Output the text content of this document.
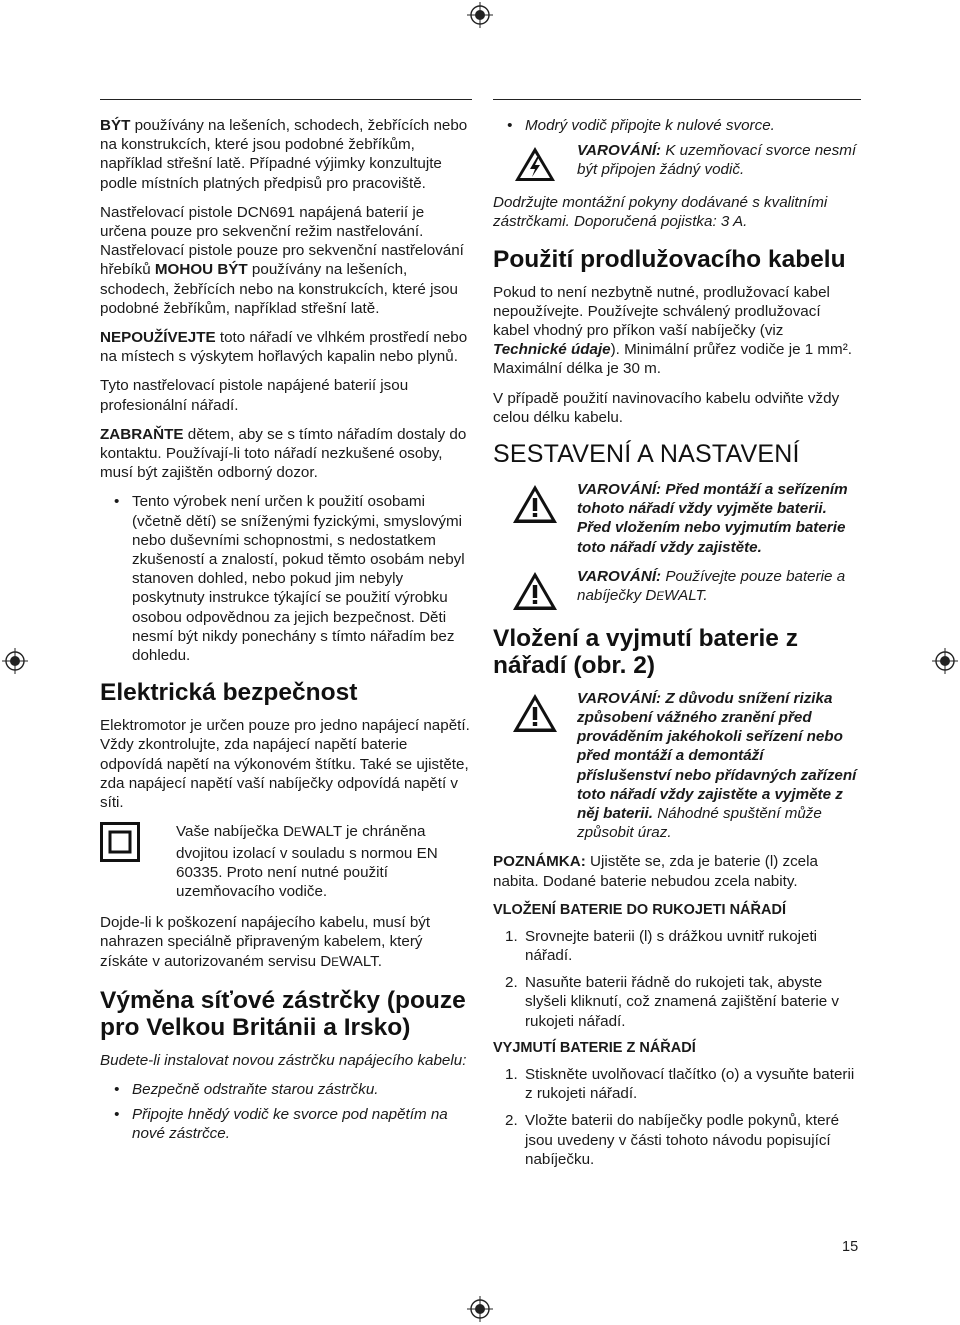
BÝT používány na lešeních, schodech, žebřících nebo na konstrukcích, které jsou podobné žebříkům, například střešní latě. Případné výjimky konzultujte podle místních platných předpisů pro pracoviště.

Nastřelovací pistole DCN691 napájená baterií je určena pouze pro sekvenční režim nastřelování. Nastřelovací pistole pouze pro sekvenční nastřelování hřebíků MOHOU BÝT používány na lešeních, schodech, žebřících nebo na konstrukcích, které jsou podobné žebříkům, například střešní latě.

NEPOUŽÍVEJTE toto nářadí ve vlhkém prostředí nebo na místech s výskytem hořlavých kapalin nebo plynů.

Tyto nastřelovací pistole napájené baterií jsou profesionální nářadí.

ZABRAŇTE dětem, aby se s tímto nářadím dostaly do kontaktu. Používají-li toto nářadí nezkušené osoby, musí být zajištěn odborný dozor.

• Tento výrobek není určen k použití osobami (včetně dětí) se sníženými fyzickými, smyslovými nebo duševními schopnostmi, s nedostatkem zkušeností a znalostí, pokud těmto osobám nebyl stanoven dohled, nebo pokud jim nebyly poskytnuty instrukce týkající se použití výrobku osobou odpovědnou za jejich bezpečnost. Děti nesmí být nikdy ponechány s tímto nářadím bez dohledu.
Elektrická bezpečnost

Elektromotor je určen pouze pro jedno napájecí napětí. Vždy zkontrolujte, zda napájecí napětí baterie odpovídá napětí na výkonovém štítku. Také se ujistěte, zda napájecí napětí vaší nabíječky odpovídá napětí v síti.

Vaše nabíječka DEWALT je chráněna dvojitou izolací v souladu s normou EN 60335. Proto není nutné použití uzemňovacího vodiče.

Dojde-li k poškození napájecího kabelu, musí být nahrazen speciálně připraveným kabelem, který získáte v autorizovaném servisu DEWALT.

Výměna síťové zástrčky (pouze pro Velkou Británii a Irsko)

Budete-li instalovat novou zástrčku napájecího kabelu:

• Bezpečně odstraňte starou zástrčku.
• Připojte hnědý vodič ke svorce pod napětím na nové zástrčce.
• Modrý vodič připojte k nulové svorce.
VAROVÁNÍ: K uzemňovací svorce nesmí být připojen žádný vodič.

Dodržujte montážní pokyny dodávané s kvalitními zástrčkami. Doporučená pojistka: 3 A.

Použití prodlužovacího kabelu

Pokud to není nezbytně nutné, prodlužovací kabel nepoužívejte. Používejte schválený prodlužovací kabel vhodný pro příkon vaší nabíječky (viz Technické údaje). Minimální průřez vodiče je 1 mm². Maximální délka je 30 m.

V případě použití navinovacího kabelu odviňte vždy celou délku kabelu.

SESTAVENÍ A NASTAVENÍ
VAROVÁNÍ: Před montáží a seřízením tohoto nářadí vždy vyjměte baterii. Před vložením nebo vyjmutím baterie toto nářadí vždy zajistěte.
VAROVÁNÍ: Používejte pouze baterie a nabíječky DEWALT.
Vložení a vyjmutí baterie z nářadí (obr. 2)
VAROVÁNÍ: Z důvodu snížení rizika způsobení vážného zranění před prováděním jakéhokoli seřízení nebo před montáží a demontáží příslušenství nebo přídavných zařízení toto nářadí vždy zajistěte a vyjměte z něj baterii. Náhodné spuštění může způsobit úraz.

POZNÁMKA: Ujistěte se, zda je baterie (l) zcela nabita. Dodané baterie nebudou zcela nabity.

VLOŽENÍ BATERIE DO RUKOJETI NÁŘADÍ
1. Srovnejte baterii (l) s drážkou uvnitř rukojeti nářadí.
2. Nasuňte baterii řádně do rukojeti tak, abyste slyšeli kliknutí, což znamená zajištění baterie v rukojeti nářadí.
VYJMUTÍ BATERIE Z NÁŘADÍ
1. Stiskněte uvolňovací tlačítko (o) a vysuňte baterii z rukojeti nářadí.
2. Vložte baterii do nabíječky podle pokynů, které jsou uvedeny v části tohoto návodu popisující nabíječku.
15
